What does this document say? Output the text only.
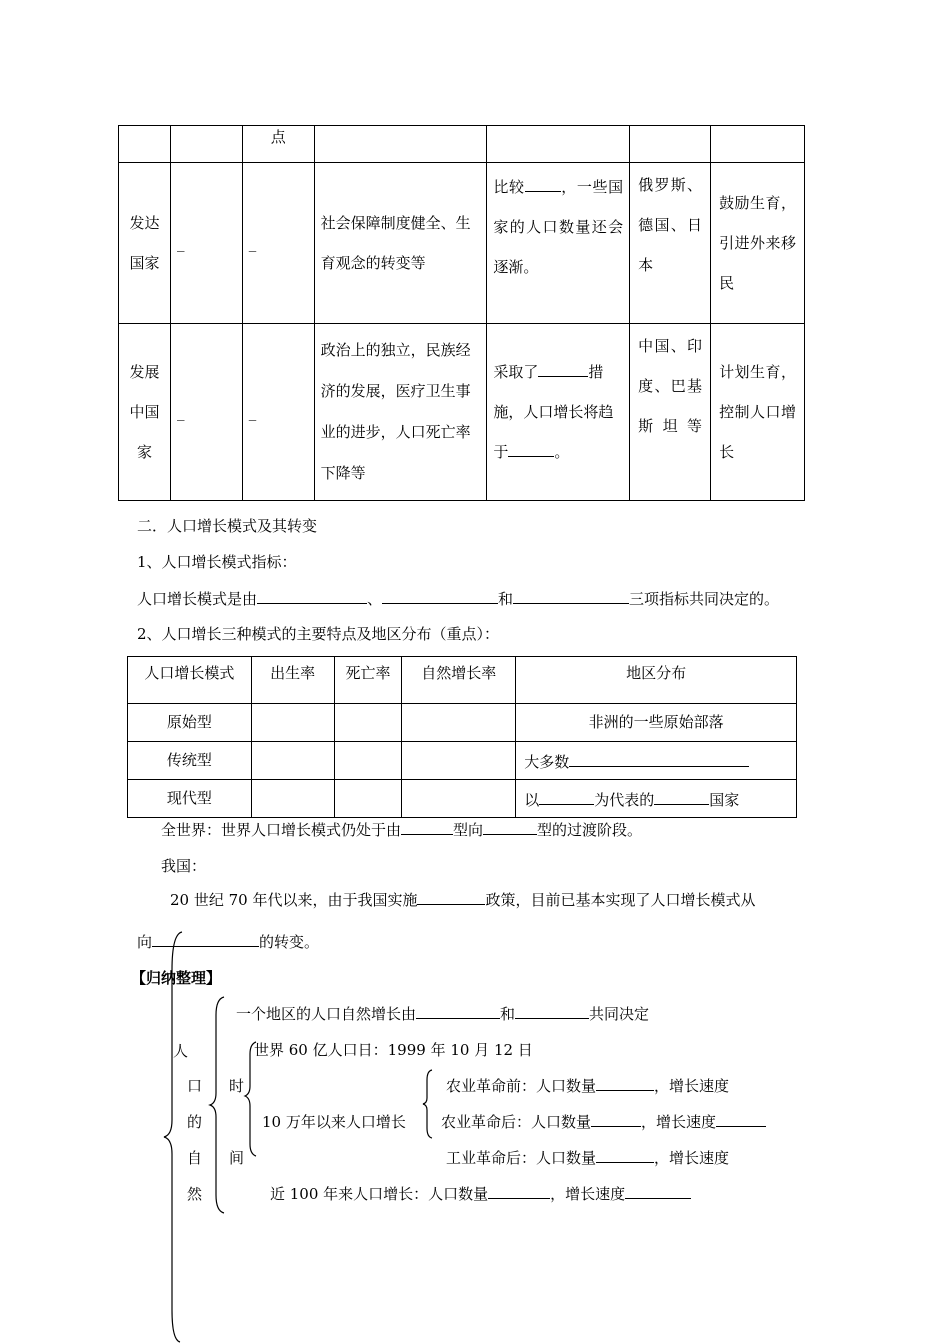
		点				
发达国家	_	_	社会保障制度健全、生育观念的转变等	比较 ，一些国家的人口数量还会逐渐。	俄罗斯、德国、日本	鼓励生育，引进外来移民
发展中国家	_	_	政治上的独立，民族经济的发展，医疗卫生事业的进步，人口死亡率下降等	采取了 措施，人口增长将趋于 。	中国、印度、巴基斯坦等	计划生育，控制人口增长
二．人口增长模式及其转变
1、人口增长模式指标：
人口增长模式是由	、	和	三项指标共同决定的。
2、人口增长三种模式的主要特点及地区分布（重点）：
人口增长模式	出生率	死亡率	自然增长率	地区分布
原始型				非洲的一些原始部落
传统型				大多数
现代型				以 为代表的 国家
全世界：世界人口增长模式仍处于由	型向	型的过渡阶段。
我国：
20 世纪 70 年代以来，由于我国实施	政策，目前已基本实现了人口增长模式从
向	的转变。
【归纳整理】
人
口
的
自
然
时
间
一个地区的人口自然增长由	和	共同决定
世界 60 亿人口日：1999 年 10 月 12 日
10 万年以来人口增长
农业革命前：人口数量	，增长速度
农业革命后：人口数量	，增长速度
工业革命后：人口数量	，增长速度
近 100 年来人口增长：人口数量	，增长速度
